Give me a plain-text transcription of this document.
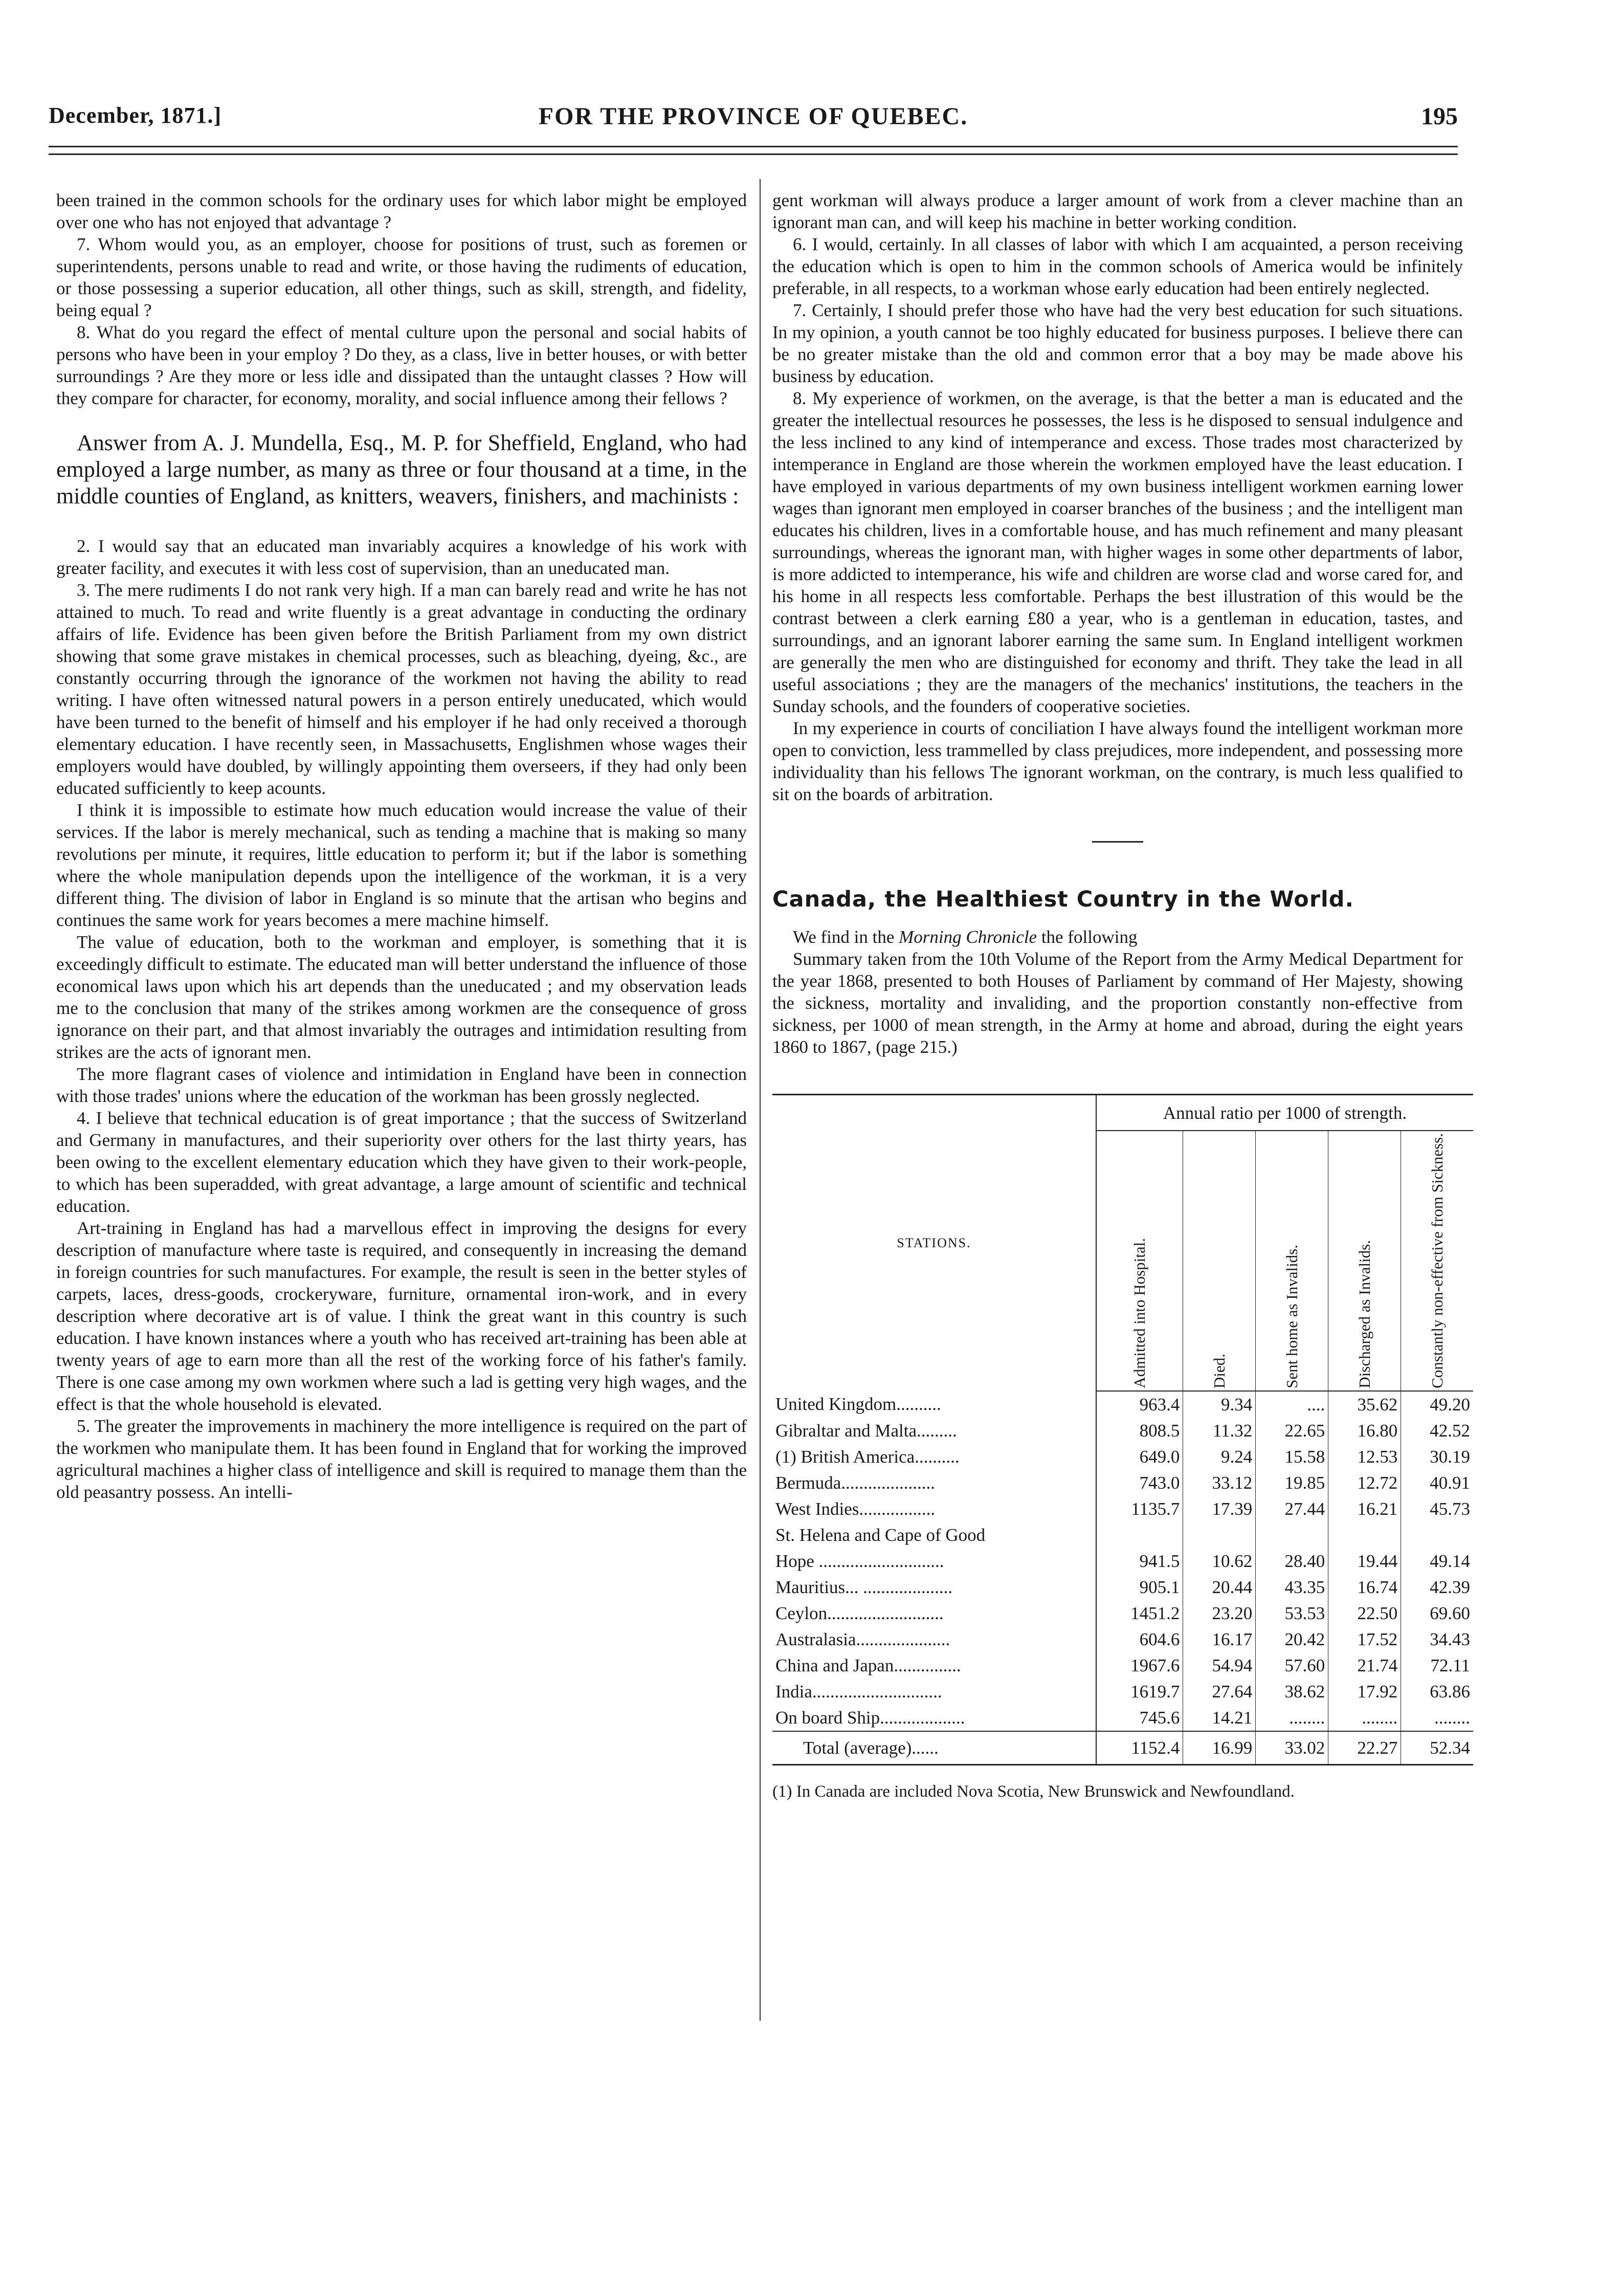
December, 1871.]	FOR THE PROVINCE OF QUEBEC.	195

been trained in the common schools for the ordinary uses for which labor might be employed over one who has not enjoyed that advantage ?

7. Whom would you, as an employer, choose for positions of trust, such as foremen or superintendents, persons unable to read and write, or those having the rudiments of education, or those possessing a superior education, all other things, such as skill, strength, and fidelity, being equal ?

8. What do you regard the effect of mental culture upon the personal and social habits of persons who have been in your employ ? Do they, as a class, live in better houses, or with better surroundings ? Are they more or less idle and dissipated than the untaught classes ? How will they compare for character, for economy, morality, and social influence among their fellows ?

Answer from A. J. Mundella, Esq., M. P. for Sheffield, England, who had employed a large number, as many as three or four thousand at a time, in the middle counties of England, as knitters, weavers, finishers, and machinists :

2. I would say that an educated man invariably acquires a knowledge of his work with greater facility, and executes it with less cost of supervision, than an uneducated man.

3. The mere rudiments I do not rank very high. If a man can barely read and write he has not attained to much. To read and write fluently is a great advantage in conducting the ordinary affairs of life. Evidence has been given before the British Parliament from my own district showing that some grave mistakes in chemical processes, such as bleaching, dyeing, &c., are constantly occurring through the ignorance of the workmen not having the ability to read writing. I have often witnessed natural powers in a person entirely uneducated, which would have been turned to the benefit of himself and his employer if he had only received a thorough elementary education. I have recently seen, in Massachusetts, Englishmen whose wages their employers would have doubled, by willingly appointing them overseers, if they had only been educated sufficiently to keep acounts.

I think it is impossible to estimate how much education would increase the value of their services. If the labor is merely mechanical, such as tending a machine that is making so many revolutions per minute, it requires, little education to perform it; but if the labor is something where the whole manipulation depends upon the intelligence of the workman, it is a very different thing. The division of labor in England is so minute that the artisan who begins and continues the same work for years becomes a mere machine himself.

The value of education, both to the workman and employer, is something that it is exceedingly difficult to estimate. The educated man will better understand the influence of those economical laws upon which his art depends than the uneducated ; and my observation leads me to the conclusion that many of the strikes among workmen are the consequence of gross ignorance on their part, and that almost invariably the outrages and intimidation resulting from strikes are the acts of ignorant men.

The more flagrant cases of violence and intimidation in England have been in connection with those trades' unions where the education of the workman has been grossly neglected.

4. I believe that technical education is of great importance ; that the success of Switzerland and Germany in manufactures, and their superiority over others for the last thirty years, has been owing to the excellent elementary education which they have given to their work-people, to which has been superadded, with great advantage, a large amount of scientific and technical education.

Art-training in England has had a marvellous effect in improving the designs for every description of manufacture where taste is required, and consequently in increasing the demand in foreign countries for such manufactures. For example, the result is seen in the better styles of carpets, laces, dress-goods, crockeryware, furniture, ornamental iron-work, and in every description where decorative art is of value. I think the great want in this country is such education. I have known instances where a youth who has received art-training has been able at twenty years of age to earn more than all the rest of the working force of his father's family. There is one case among my own workmen where such a lad is getting very high wages, and the effect is that the whole household is elevated.

5. The greater the improvements in machinery the more intelligence is required on the part of the workmen who manipulate them. It has been found in England that for working the improved agricultural machines a higher class of intelligence and skill is required to manage them than the old peasantry possess. An intelli-

gent workman will always produce a larger amount of work from a clever machine than an ignorant man can, and will keep his machine in better working condition.

6. I would, certainly. In all classes of labor with which I am acquainted, a person receiving the education which is open to him in the common schools of America would be infinitely preferable, in all respects, to a workman whose early education had been entirely neglected.

7. Certainly, I should prefer those who have had the very best education for such situations. In my opinion, a youth cannot be too highly educated for business purposes. I believe there can be no greater mistake than the old and common error that a boy may be made above his business by education.

8. My experience of workmen, on the average, is that the better a man is educated and the greater the intellectual resources he possesses, the less is he disposed to sensual indulgence and the less inclined to any kind of intemperance and excess. Those trades most characterized by intemperance in England are those wherein the workmen employed have the least education. I have employed in various departments of my own business intelligent workmen earning lower wages than ignorant men employed in coarser branches of the business ; and the intelligent man educates his children, lives in a comfortable house, and has much refinement and many pleasant surroundings, whereas the ignorant man, with higher wages in some other departments of labor, is more addicted to intemperance, his wife and children are worse clad and worse cared for, and his home in all respects less comfortable. Perhaps the best illustration of this would be the contrast between a clerk earning £80 a year, who is a gentleman in education, tastes, and surroundings, and an ignorant laborer earning the same sum. In England intelligent workmen are generally the men who are distinguished for economy and thrift. They take the lead in all useful associations ; they are the managers of the mechanics' institutions, the teachers in the Sunday schools, and the founders of cooperative societies.

In my experience in courts of conciliation I have always found the intelligent workman more open to conviction, less trammelled by class prejudices, more independent, and possessing more individuality than his fellows The ignorant workman, on the contrary, is much less qualified to sit on the boards of arbitration.

Canada, the Healthiest Country in the World.

We find in the Morning Chronicle the following

Summary taken from the 10th Volume of the Report from the Army Medical Department for the year 1868, presented to both Houses of Parliament by command of Her Majesty, showing the sickness, mortality and invaliding, and the proportion constantly non-effective from sickness, per 1000 of mean strength, in the Army at home and abroad, during the eight years 1860 to 1867, (page 215.)

STATIONS.	Annual ratio per 1000 of strength.				

	Admitted into Hospital.	Died.	Sent home as Invalids.	Discharged as Invalids.	Constantly non-effective from Sickness.

United Kingdom..........	963.4	9.34	....	35.62	49.20
Gibraltar and Malta.........	808.5	11.32	22.65	16.80	42.52
(1) British America..........	649.0	9.24	15.58	12.53	30.19
Bermuda.....................	743.0	33.12	19.85	12.72	40.91
West Indies.................	1135.7	17.39	27.44	16.21	45.73
St. Helena and Cape of Good					
Hope ............................	941.5	10.62	28.40	19.44	49.14
Mauritius... ....................	905.1	20.44	43.35	16.74	42.39
Ceylon..........................	1451.2	23.20	53.53	22.50	69.60
Australasia.....................	604.6	16.17	20.42	17.52	34.43
China and Japan...............	1967.6	54.94	57.60	21.74	72.11
India.............................	1619.7	27.64	38.62	17.92	63.86
On board Ship...................	745.6	14.21	........	........	........
Total (average)......	1152.4	16.99	33.02	22.27	52.34

(1) In Canada are included Nova Scotia, New Brunswick and Newfoundland.
